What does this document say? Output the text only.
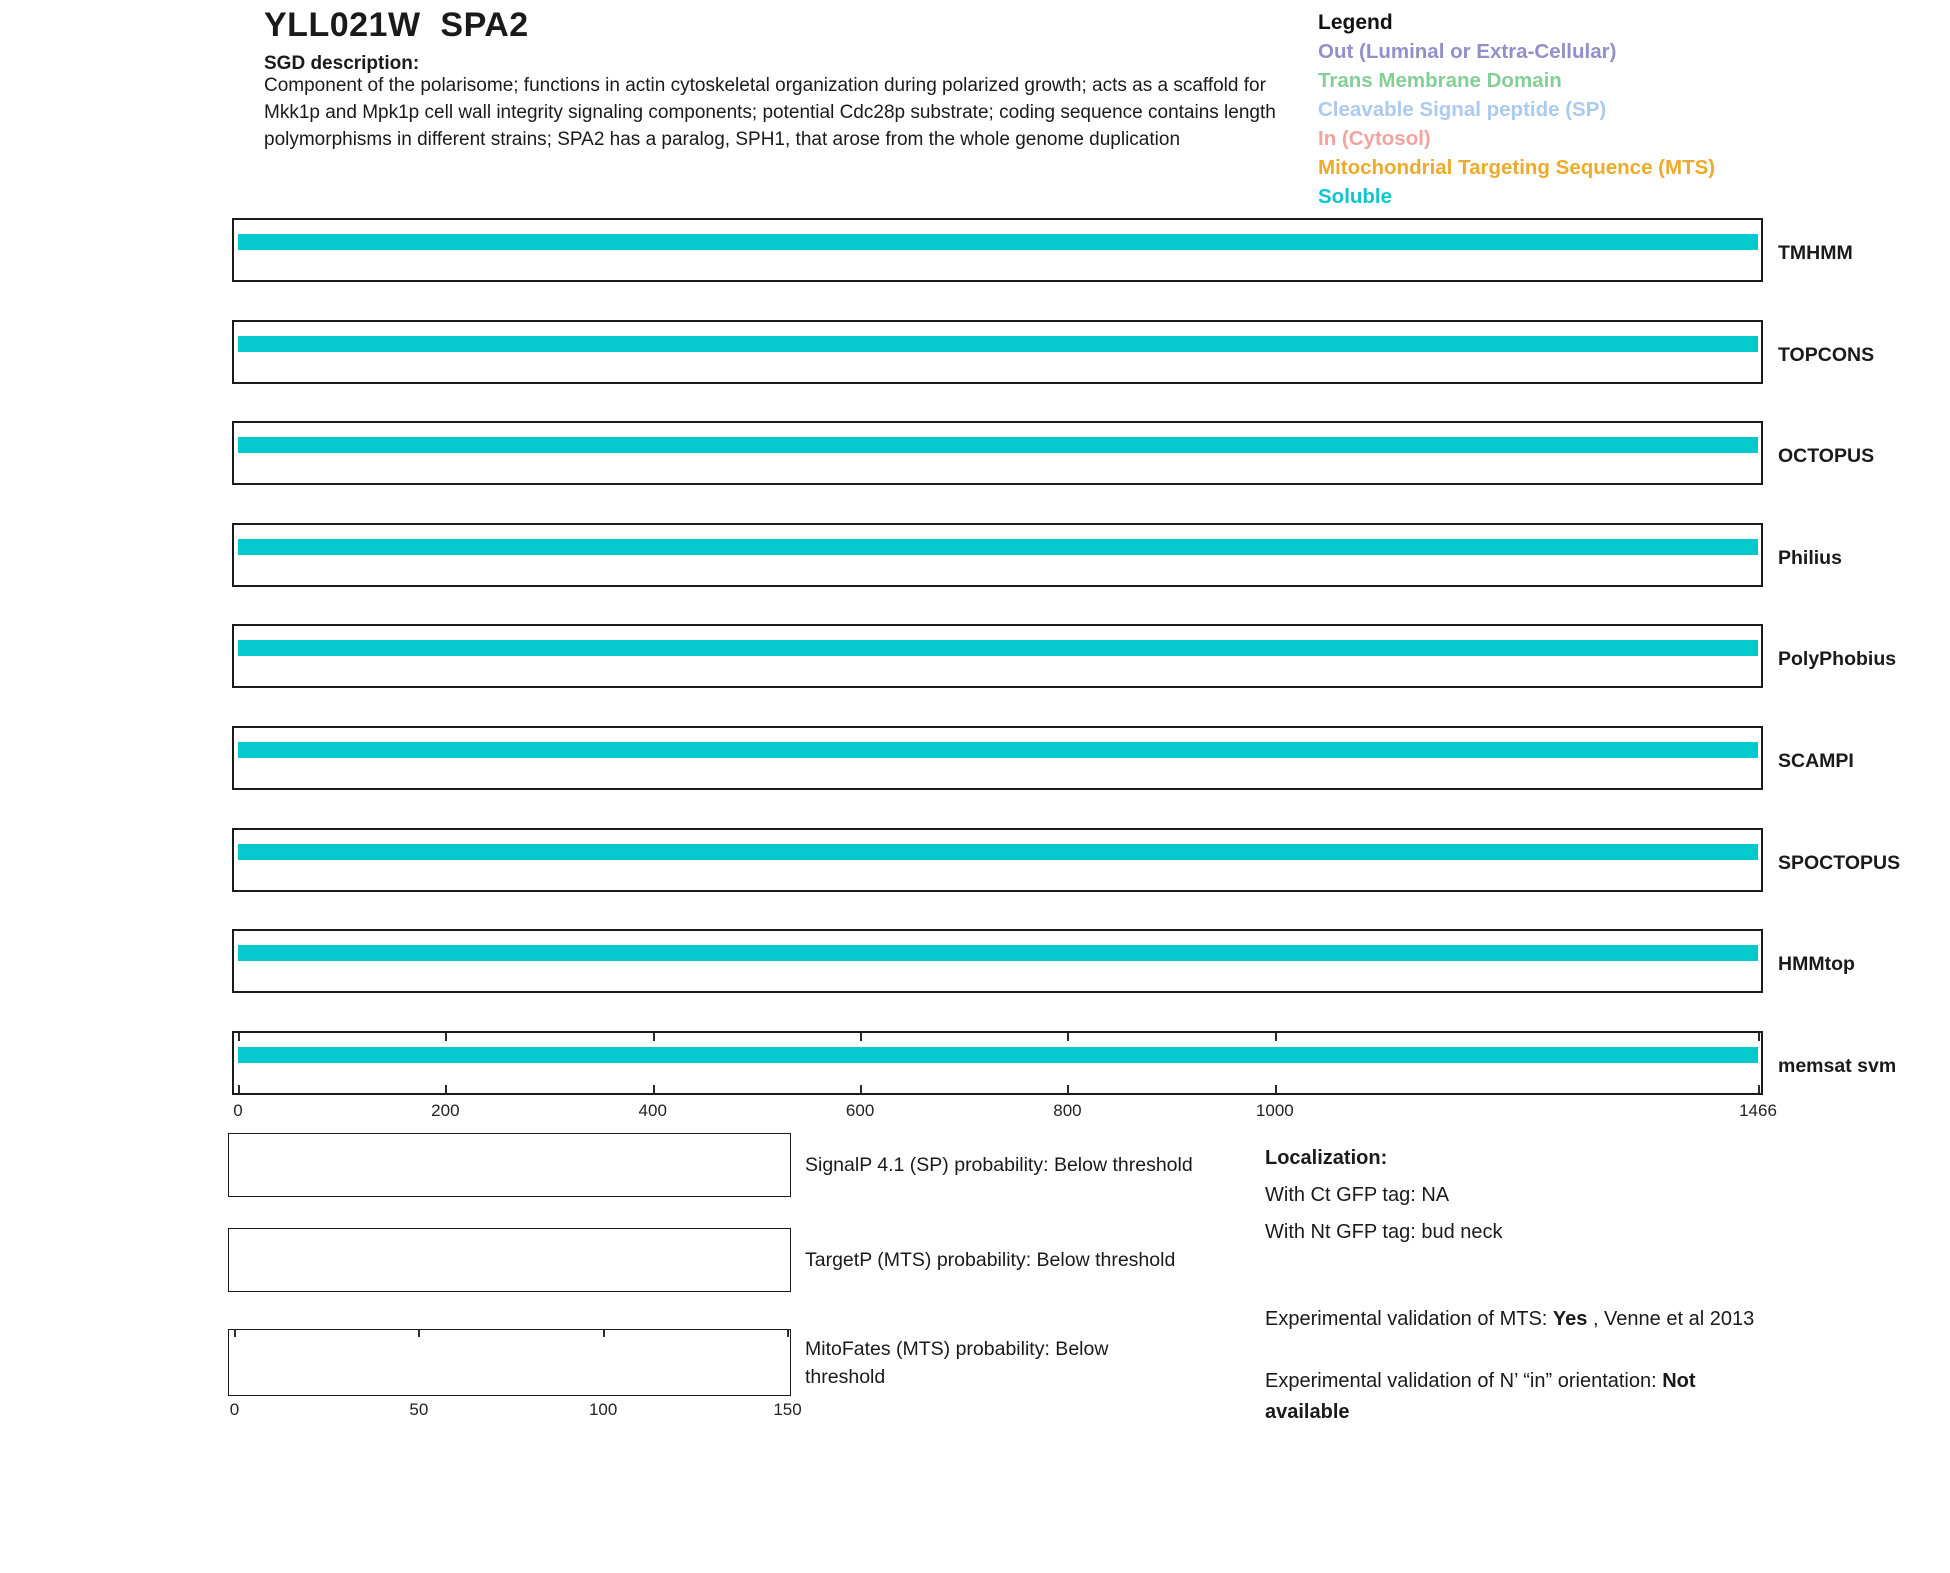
YLL021W  SPA2
SGD description:

Component of the polarisome; functions in actin cytoskeletal organization during polarized growth; acts as a scaffold for Mkk1p and Mpk1p cell wall integrity signaling components; potential Cdc28p substrate; coding sequence contains length polymorphisms in different strains; SPA2 has a paralog, SPH1, that arose from the whole genome duplication

Legend
Out (Luminal or Extra-Cellular)
Trans Membrane Domain
Cleavable Signal peptide (SP)
In (Cytosol)
Mitochondrial Targeting Sequence (MTS)
Soluble
TMHMM
TOPCONS
OCTOPUS
Philius
PolyPhobius
SCAMPI
SPOCTOPUS
HMMtop
memsat svm
0	200	400	600	800	1000	1466
SignalP 4.1 (SP) probability: Below threshold
TargetP (MTS) probability: Below threshold
0	50	100	150
MitoFates (MTS) probability: Below threshold
Localization:
With Ct GFP tag: NA
With Nt GFP tag: bud neck
Experimental validation of MTS: Yes , Venne et al 2013
Experimental validation of N’ “in” orientation: Not available
